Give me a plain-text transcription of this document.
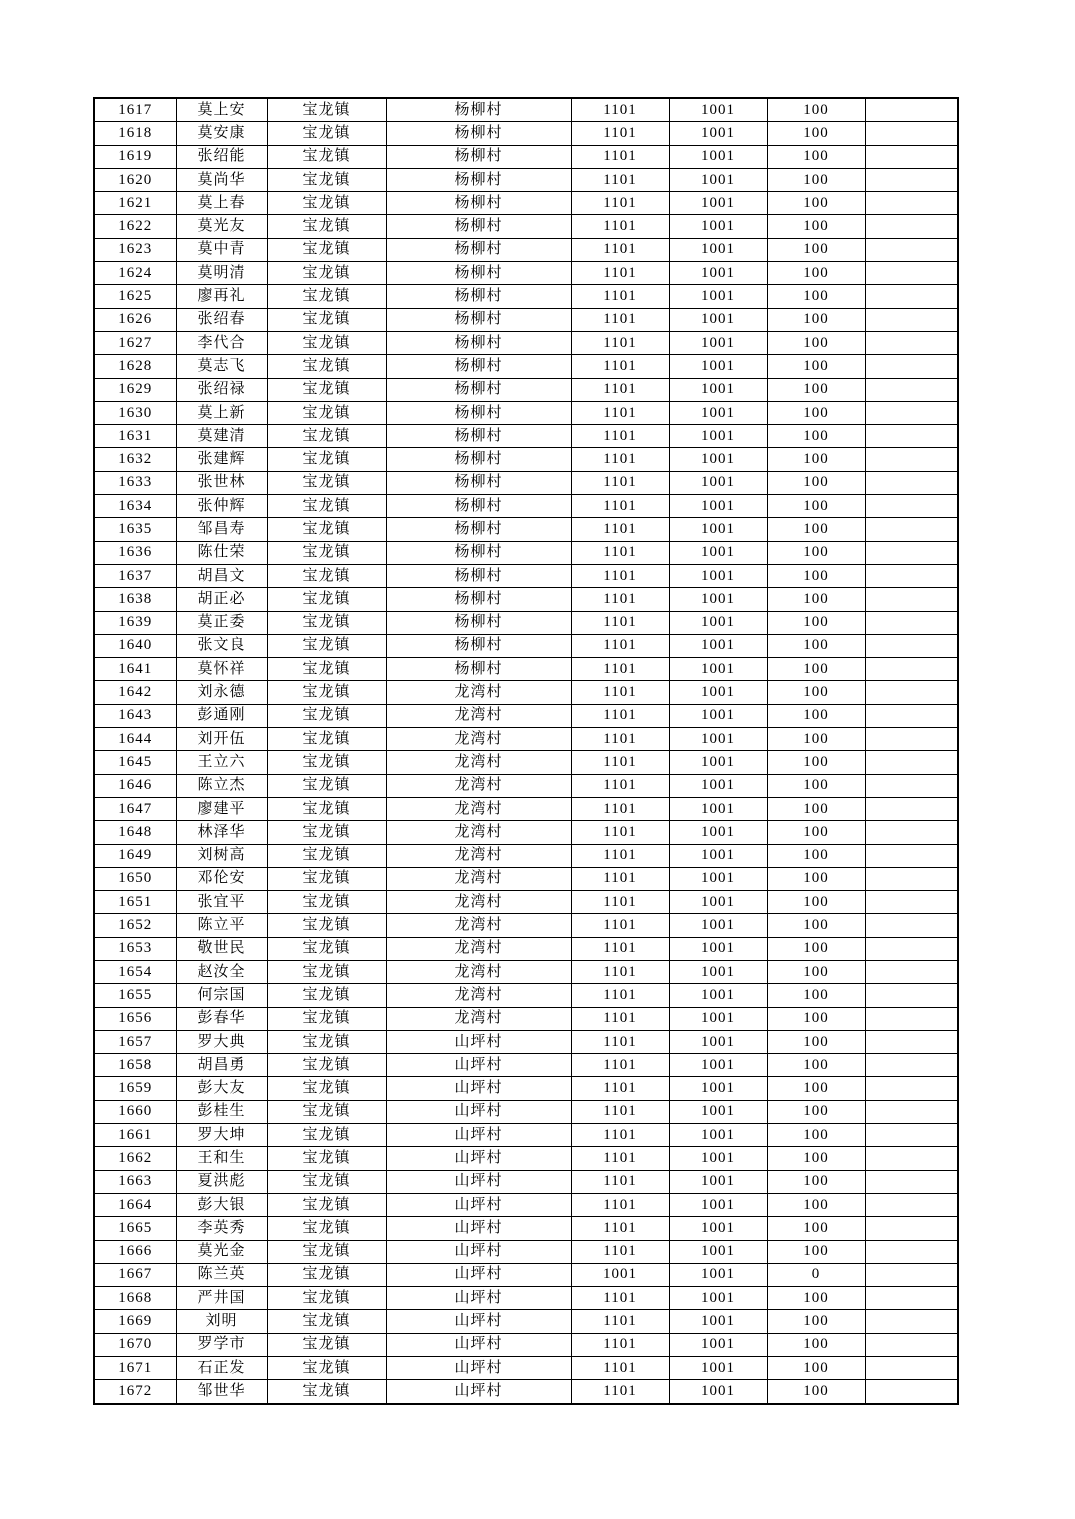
1617	莫上安	宝龙镇	杨柳村	1101	1001	100	
1618	莫安康	宝龙镇	杨柳村	1101	1001	100	
1619	张绍能	宝龙镇	杨柳村	1101	1001	100	
1620	莫尚华	宝龙镇	杨柳村	1101	1001	100	
1621	莫上春	宝龙镇	杨柳村	1101	1001	100	
1622	莫光友	宝龙镇	杨柳村	1101	1001	100	
1623	莫中青	宝龙镇	杨柳村	1101	1001	100	
1624	莫明清	宝龙镇	杨柳村	1101	1001	100	
1625	廖再礼	宝龙镇	杨柳村	1101	1001	100	
1626	张绍春	宝龙镇	杨柳村	1101	1001	100	
1627	李代合	宝龙镇	杨柳村	1101	1001	100	
1628	莫志飞	宝龙镇	杨柳村	1101	1001	100	
1629	张绍禄	宝龙镇	杨柳村	1101	1001	100	
1630	莫上新	宝龙镇	杨柳村	1101	1001	100	
1631	莫建清	宝龙镇	杨柳村	1101	1001	100	
1632	张建辉	宝龙镇	杨柳村	1101	1001	100	
1633	张世林	宝龙镇	杨柳村	1101	1001	100	
1634	张仲辉	宝龙镇	杨柳村	1101	1001	100	
1635	邹昌寿	宝龙镇	杨柳村	1101	1001	100	
1636	陈仕荣	宝龙镇	杨柳村	1101	1001	100	
1637	胡昌文	宝龙镇	杨柳村	1101	1001	100	
1638	胡正必	宝龙镇	杨柳村	1101	1001	100	
1639	莫正委	宝龙镇	杨柳村	1101	1001	100	
1640	张文良	宝龙镇	杨柳村	1101	1001	100	
1641	莫怀祥	宝龙镇	杨柳村	1101	1001	100	
1642	刘永德	宝龙镇	龙湾村	1101	1001	100	
1643	彭通刚	宝龙镇	龙湾村	1101	1001	100	
1644	刘开伍	宝龙镇	龙湾村	1101	1001	100	
1645	王立六	宝龙镇	龙湾村	1101	1001	100	
1646	陈立杰	宝龙镇	龙湾村	1101	1001	100	
1647	廖建平	宝龙镇	龙湾村	1101	1001	100	
1648	林泽华	宝龙镇	龙湾村	1101	1001	100	
1649	刘树高	宝龙镇	龙湾村	1101	1001	100	
1650	邓伦安	宝龙镇	龙湾村	1101	1001	100	
1651	张宜平	宝龙镇	龙湾村	1101	1001	100	
1652	陈立平	宝龙镇	龙湾村	1101	1001	100	
1653	敬世民	宝龙镇	龙湾村	1101	1001	100	
1654	赵汝全	宝龙镇	龙湾村	1101	1001	100	
1655	何宗国	宝龙镇	龙湾村	1101	1001	100	
1656	彭春华	宝龙镇	龙湾村	1101	1001	100	
1657	罗大典	宝龙镇	山坪村	1101	1001	100	
1658	胡昌勇	宝龙镇	山坪村	1101	1001	100	
1659	彭大友	宝龙镇	山坪村	1101	1001	100	
1660	彭桂生	宝龙镇	山坪村	1101	1001	100	
1661	罗大坤	宝龙镇	山坪村	1101	1001	100	
1662	王和生	宝龙镇	山坪村	1101	1001	100	
1663	夏洪彪	宝龙镇	山坪村	1101	1001	100	
1664	彭大银	宝龙镇	山坪村	1101	1001	100	
1665	李英秀	宝龙镇	山坪村	1101	1001	100	
1666	莫光金	宝龙镇	山坪村	1101	1001	100	
1667	陈兰英	宝龙镇	山坪村	1001	1001	0	
1668	严井国	宝龙镇	山坪村	1101	1001	100	
1669	刘明	宝龙镇	山坪村	1101	1001	100	
1670	罗学市	宝龙镇	山坪村	1101	1001	100	
1671	石正发	宝龙镇	山坪村	1101	1001	100	
1672	邹世华	宝龙镇	山坪村	1101	1001	100	
